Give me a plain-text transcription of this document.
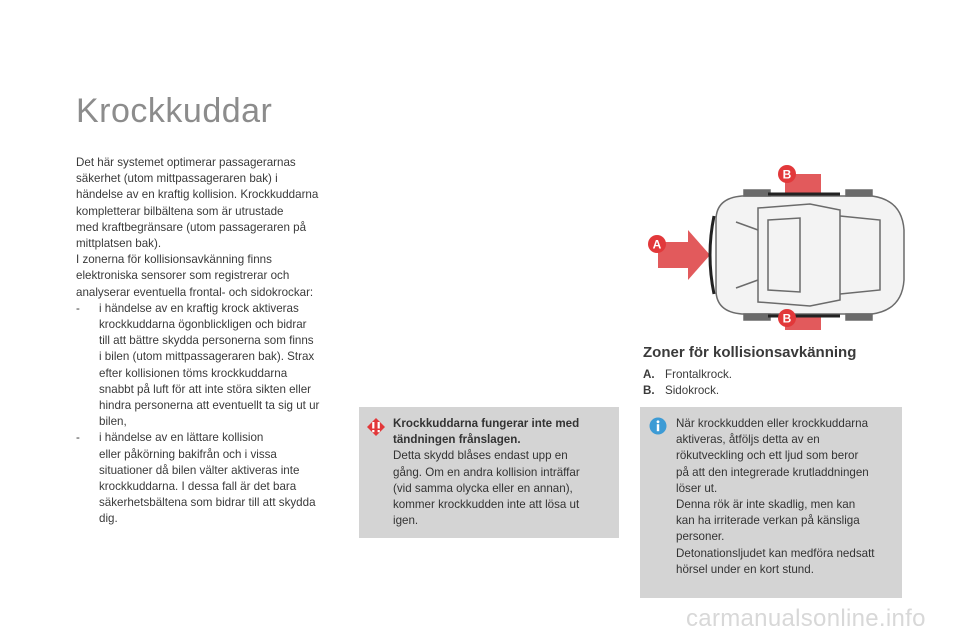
Krockkuddar

Det här systemet optimerar passagerarnas

säkerhet (utom mittpassageraren bak) i

händelse av en kraftig kollision. Krockkuddarna

kompletterar bilbältena som är utrustade

med kraftbegränsare (utom passageraren på

mittplatsen bak).

I zonerna för kollisionsavkänning finns

elektroniska sensorer som registrerar och

analyserar eventuella frontal- och sidokrockar:

-	i händelse av en kraftig krock aktiveras

krockkuddarna ögonblickligen och bidrar

till att bättre skydda personerna som finns

i bilen (utom mittpassageraren bak). Strax

efter kollisionen töms krockkuddarna

snabbt på luft för att inte störa sikten eller

hindra personerna att eventuellt ta sig ut ur

bilen,

-	i händelse av en lättare kollision

eller påkörning bakifrån och i vissa

situationer då bilen välter aktiveras inte

krockkuddarna. I dessa fall är det bara

säkerhetsbältena som bidrar till att skydda

dig.

Krockkuddarna fungerar inte med
tändningen frånslagen.
Detta skydd blåses endast upp en
gång. Om en andra kollision inträffar
(vid samma olycka eller en annan),
kommer krockkudden inte att lösa ut
igen.
B
A
B
Zoner för kollisionsavkänning
A. Frontalkrock.
B. Sidokrock.
När krockkudden eller krockkuddarna
aktiveras, åtföljs detta av en
rökutveckling och ett ljud som beror
på att den integrerade krutladdningen
löser ut.
Denna rök är inte skadlig, men kan
kan ha irriterade verkan på känsliga
personer.
Detonationsljudet kan medföra nedsatt
hörsel under en kort stund.
carmanualsonline.info
